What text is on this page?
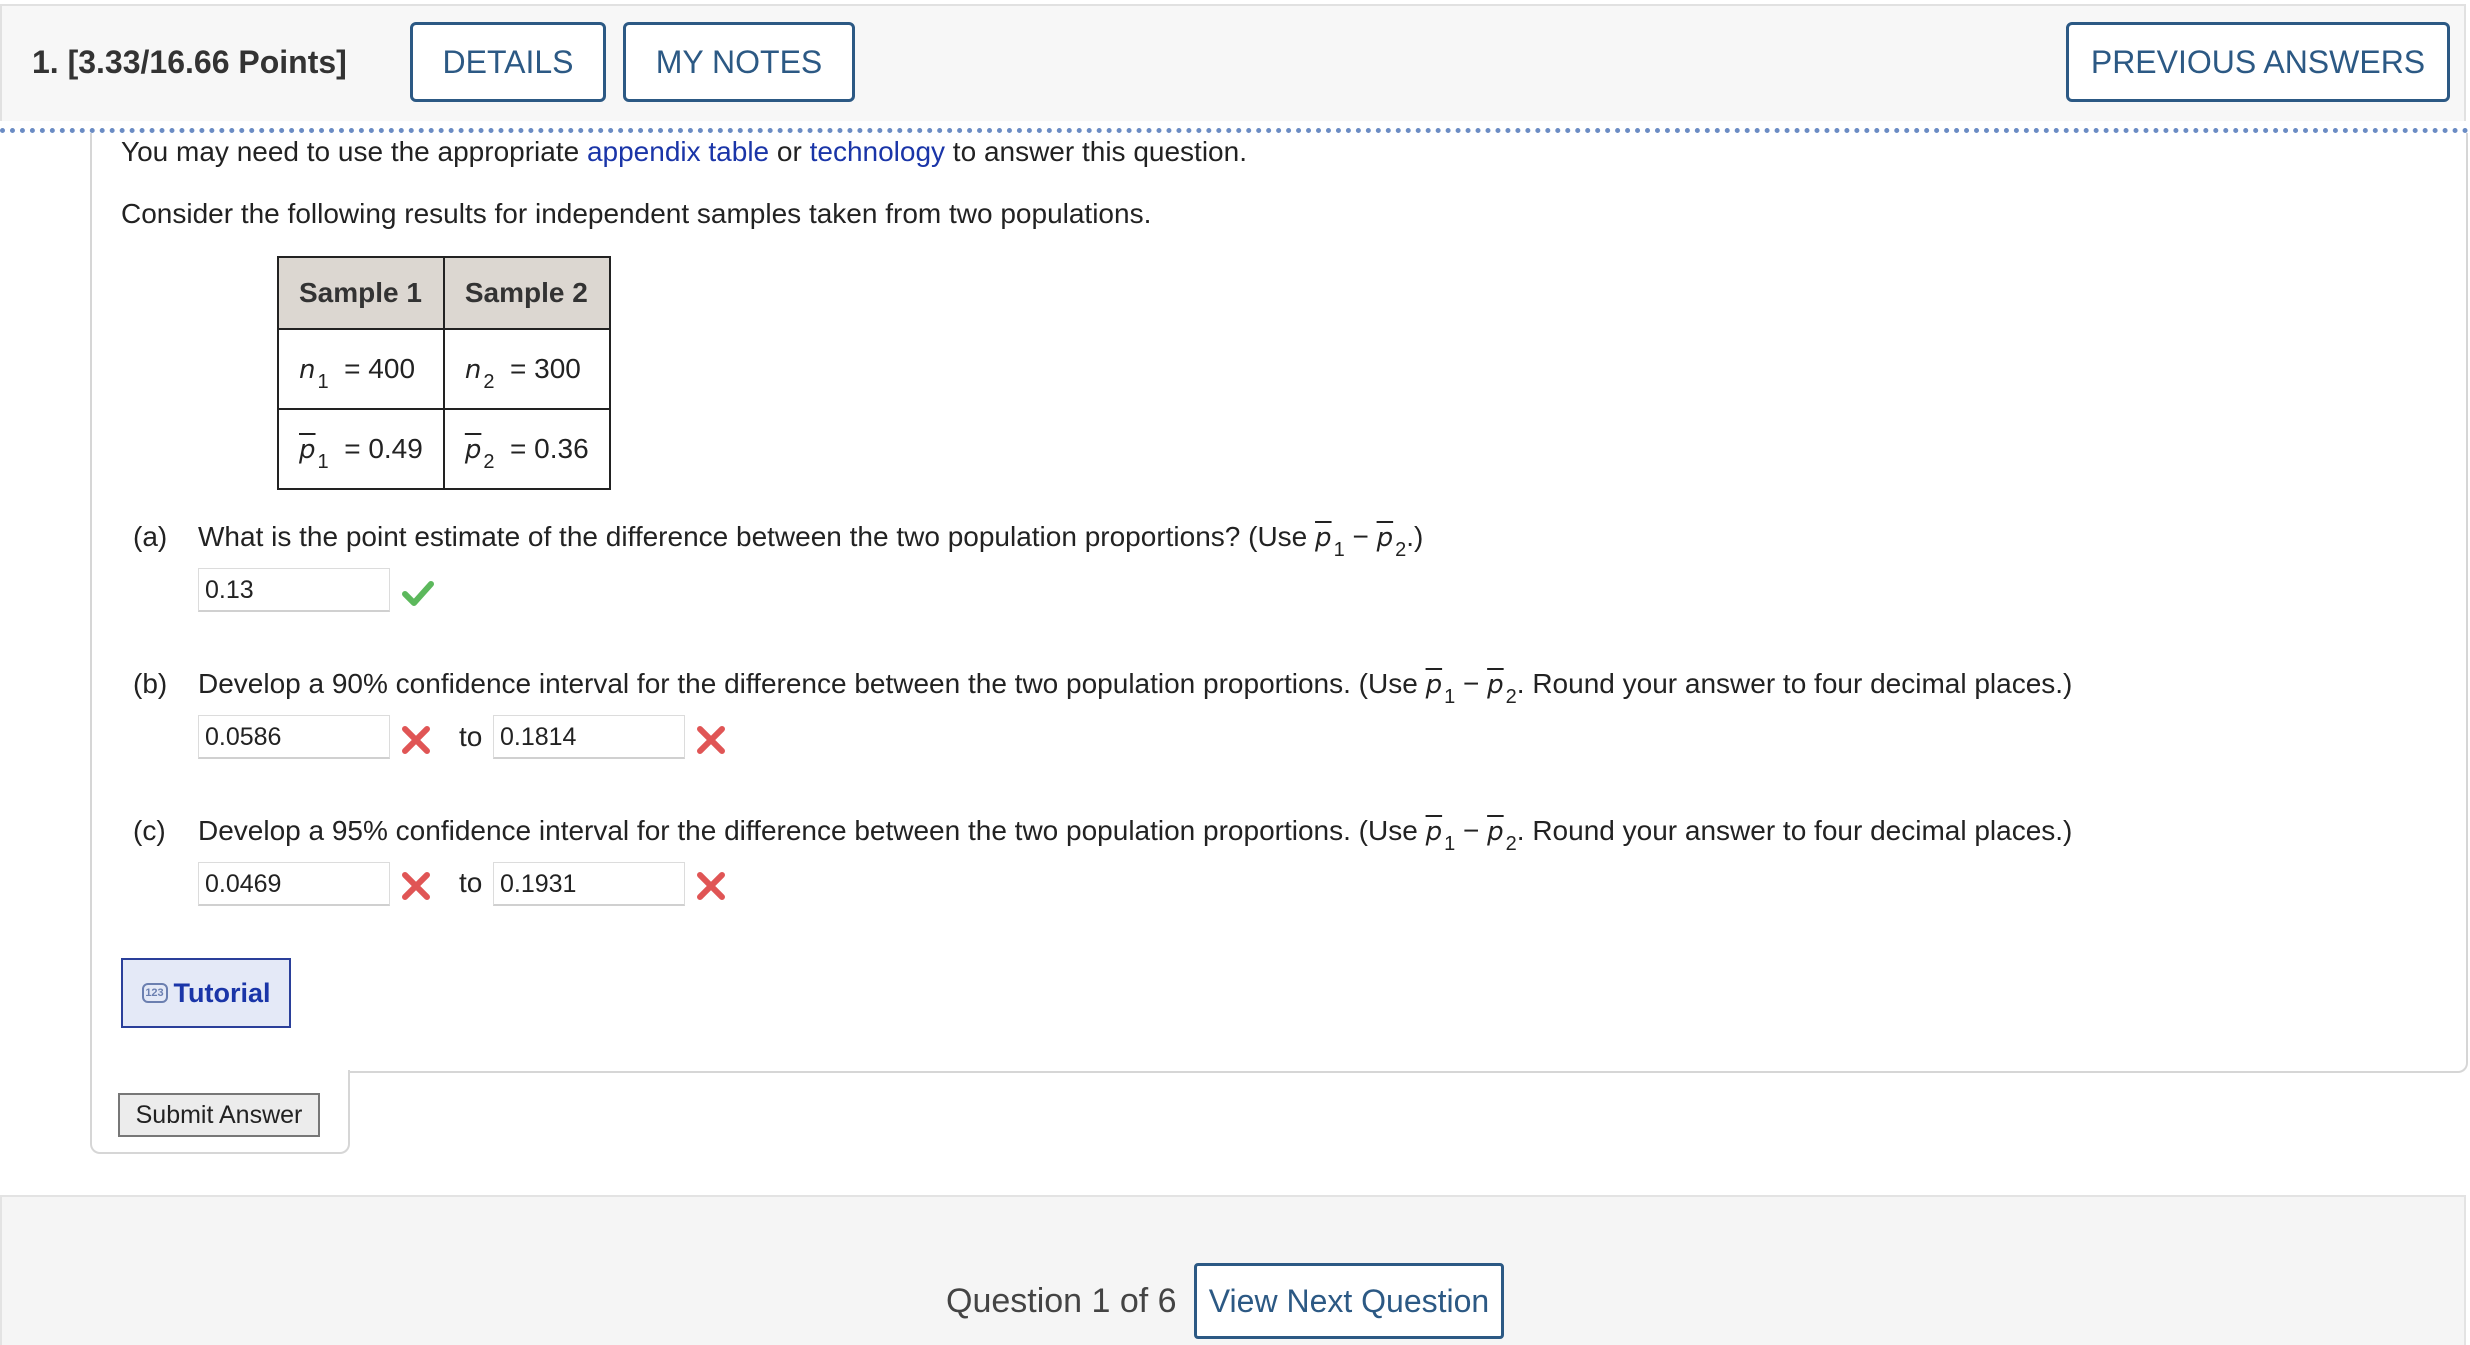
1. [3.33/16.66 Points]	DETAILS	MY NOTES	PREVIOUS ANSWERS
You may need to use the appropriate appendix table or technology to answer this question.
Consider the following results for independent samples taken from two populations.
Sample 1	Sample 2
n $_1$ = 400	n $_2$ = 300
$\overline{p}$ $_1$ = 0.49	$\overline{p}$ $_2$ = 0.36
(a) What is the point estimate of the difference between the two population proportions? (Use $\overline{p}$ $_1 - \overline{p}$ $_2$.)
0.13
(b) Develop a 90% confidence interval for the difference between the two population proportions. (Use $\overline{p}$ $_1 - \overline{p}$ $_2$. Round your answer to four decimal places.)
0.0586	to 0.1814
(c) Develop a 95% confidence interval for the difference between the two population proportions. (Use $\overline{p}$ $_1 - \overline{p}$ $_2$. Round your answer to four decimal places.)
0.0469	to 0.1931
123 Tutorial
Submit Answer
Question 1 of 6	View Next Question
